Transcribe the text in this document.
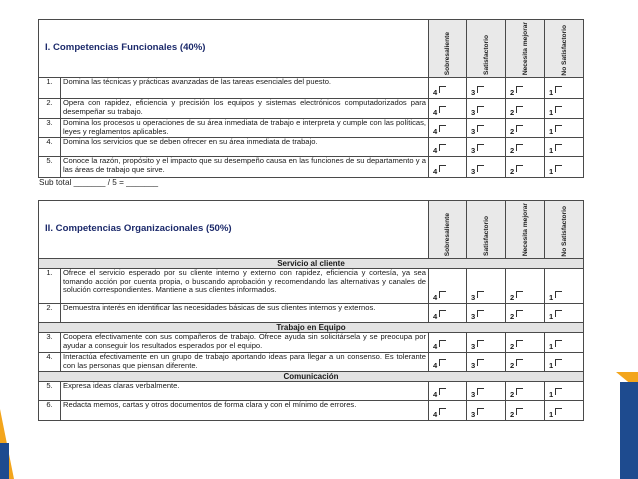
I. Competencias Funcionales (40%)		Sobresaliente	Satisfactorio	Necesita mejorar	No Satisfactorio

1.	Domina las técnicas y prácticas avanzadas de las tareas esenciales del puesto.	4	3	2	1

2.	Opera con rapidez, eficiencia y precisión los equipos y sistemas electrónicos computadorizados para desempeñar su trabajo.	4	3	2	1

3.	Domina los procesos u operaciones de su área inmediata de trabajo e interpreta y cumple con las políticas, leyes y reglamentos aplicables.	4	3	2	1

4.	Domina los servicios que se deben ofrecer en su área inmediata de trabajo.	4	3	2	1

5.	Conoce la razón, propósito y el impacto que su desempeño causa en las funciones de su departamento y a las áreas de trabajo que sirve.	4	3	2	1
Sub total _______ / 5 = _______
II. Competencias Organizacionales (50%)		Sobresaliente	Satisfactorio	Necesita mejorar	No Satisfactorio

Servicio al cliente					
1.	Ofrece el servicio esperado por su cliente interno y externo con rapidez, eficiencia y cortesía, ya sea tomando acción por cuenta propia, o buscando aprobación y recomendando las alternativas y canales de solución correspondientes. Mantiene a sus clientes informados.	4	3	2	1

2.	Demuestra interés en identificar las necesidades básicas de sus clientes internos y externos.	4	3	2	1

Trabajo en Equipo					
3.	Coopera efectivamente con sus compañeros de trabajo. Ofrece ayuda sin solicitársela y se preocupa por ayudar a conseguir los resultados esperados por el equipo.	4	3	2	1

4.	Interactúa efectivamente en un grupo de trabajo aportando ideas para llegar a un consenso. Es tolerante con las personas que piensan diferente.	4	3	2	1

Comunicación					
5.	Expresa ideas claras verbalmente.	4	3	2	1

6.	Redacta memos, cartas y otros documentos de forma clara y con el mínimo de errores.	4	3	2	1
